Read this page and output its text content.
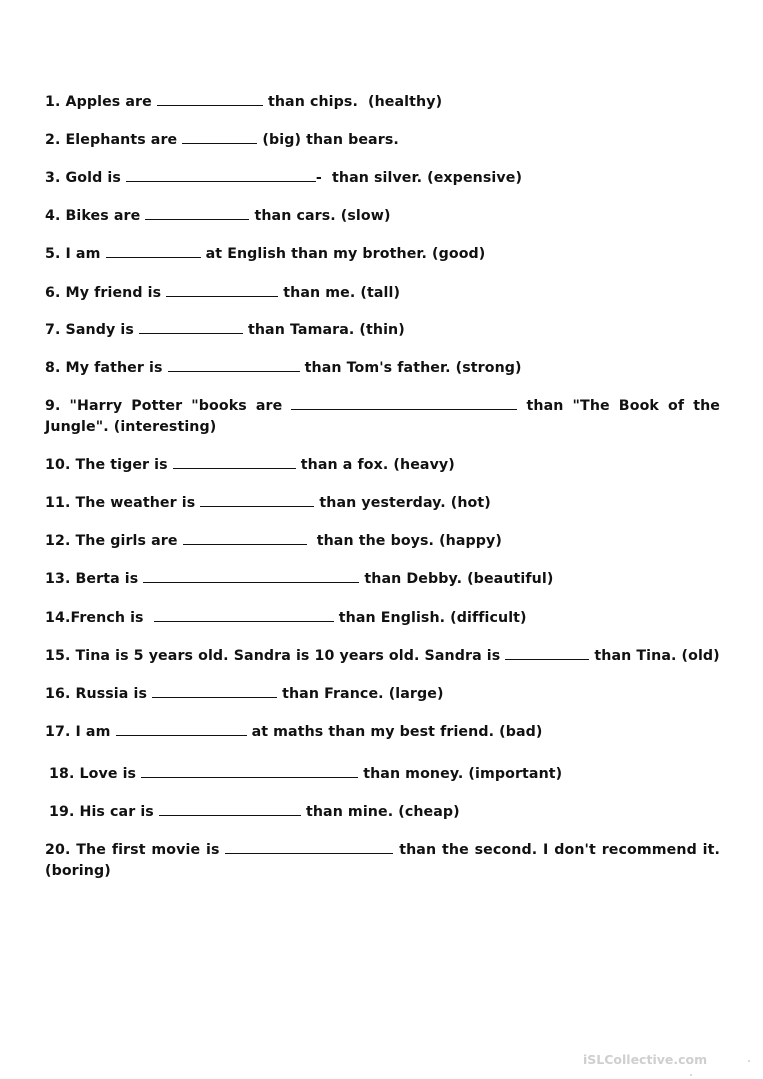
1. Apples are	than chips.  (healthy)
2. Elephants are	(big) than bears.
3. Gold is	-  than silver. (expensive)
4. Bikes are	than cars. (slow)
5. I am	at English than my brother. (good)
6. My friend is	than me. (tall)
7. Sandy is	than Tamara. (thin)
8. My father is	than Tom's father. (strong)
9. "Harry Potter "books are	than "The Book of the Jungle". (interesting)
10. The tiger is	than a fox. (heavy)
11. The weather is	than yesterday. (hot)
12. The girls are	than the boys. (happy)
13. Berta is	than Debby. (beautiful)
14.French is	than English. (difficult)
15. Tina is 5 years old. Sandra is 10 years old. Sandra is	than Tina. (old)
16. Russia is	than France. (large)
17. I am	at maths than my best friend. (bad)
18. Love is	than money. (important)
19. His car is	than mine. (cheap)
20. The first movie is	than the second. I don't recommend it. (boring)
iSLCollective.com
